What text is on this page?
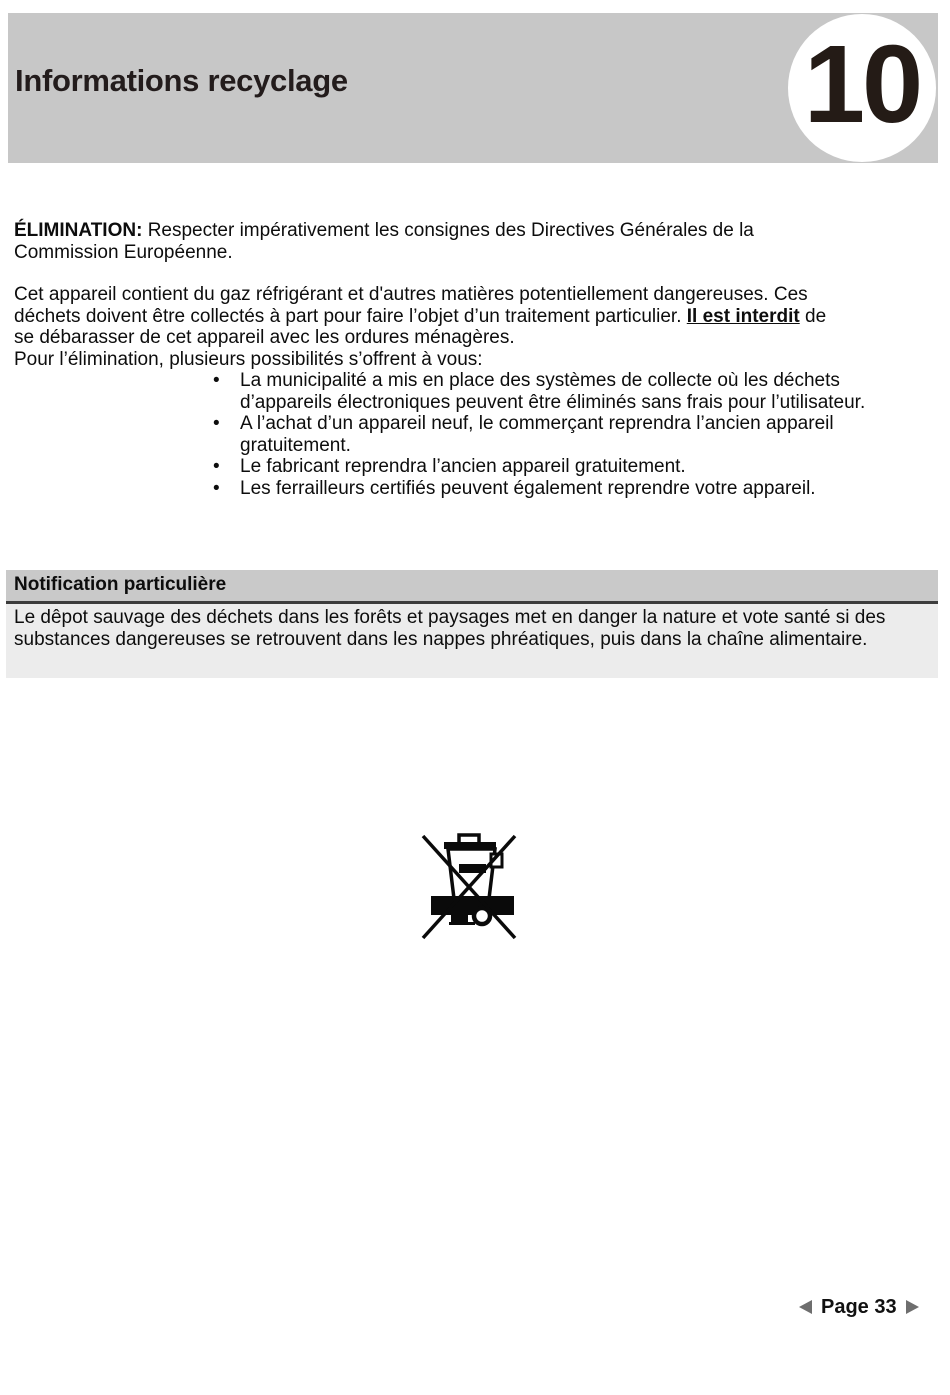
Informations recyclage	10
ÉLIMINATION: Respecter impérativement les consignes des Directives Générales de la
Commission Européenne.
Cet appareil contient du gaz réfrigérant et d'autres matières potentiellement dangereuses. Ces
déchets doivent être collectés à part pour faire l’objet d’un traitement particulier. Il est interdit de
se débarasser de cet appareil avec les ordures ménagères.
Pour l’élimination, plusieurs possibilités s’offrent à vous:
•	La municipalité a mis en place des systèmes de collecte où les déchets d’appareils électroniques peuvent être éliminés sans frais pour l’utilisateur.
•	A l’achat d’un appareil neuf, le commerçant reprendra l’ancien appareil gratuitement.
•	Le fabricant reprendra l’ancien appareil gratuitement.
•	Les ferrailleurs certifiés peuvent également reprendre votre appareil.
Notification particulière
Le dêpot sauvage des déchets dans les forêts et paysages met en danger la nature et vote santé si des substances dangereuses se retrouvent dans les nappes phréatiques, puis dans la chaîne alimentaire.
Page 33
